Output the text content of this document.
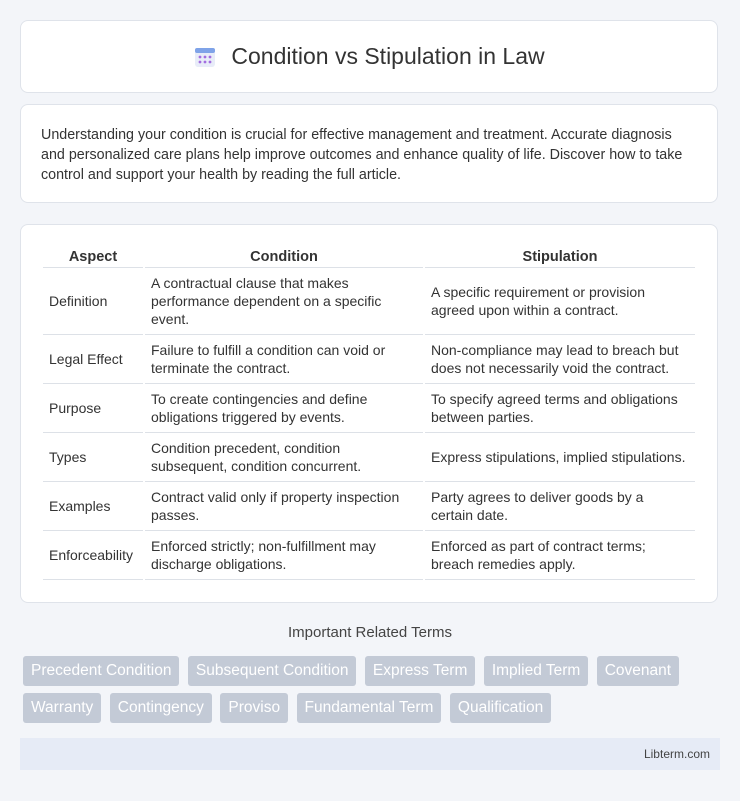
Condition vs Stipulation in Law

Understanding your condition is crucial for effective management and treatment. Accurate diagnosis and personalized care plans help improve outcomes and enhance quality of life. Discover how to take control and support your health by reading the full article.

Aspect	Condition	Stipulation
Definition	A contractual clause that makes performance dependent on a specific event.	A specific requirement or provision agreed upon within a contract.
Legal Effect	Failure to fulfill a condition can void or terminate the contract.	Non-compliance may lead to breach but does not necessarily void the contract.
Purpose	To create contingencies and define obligations triggered by events.	To specify agreed terms and obligations between parties.
Types	Condition precedent, condition subsequent, condition concurrent.	Express stipulations, implied stipulations.
Examples	Contract valid only if property inspection passes.	Party agrees to deliver goods by a certain date.
Enforceability	Enforced strictly; non-fulfillment may discharge obligations.	Enforced as part of contract terms; breach remedies apply.
Important Related Terms
Precedent Condition Subsequent Condition Express Term Implied Term Covenant Warranty Contingency Proviso Fundamental Term Qualification
Libterm.com
